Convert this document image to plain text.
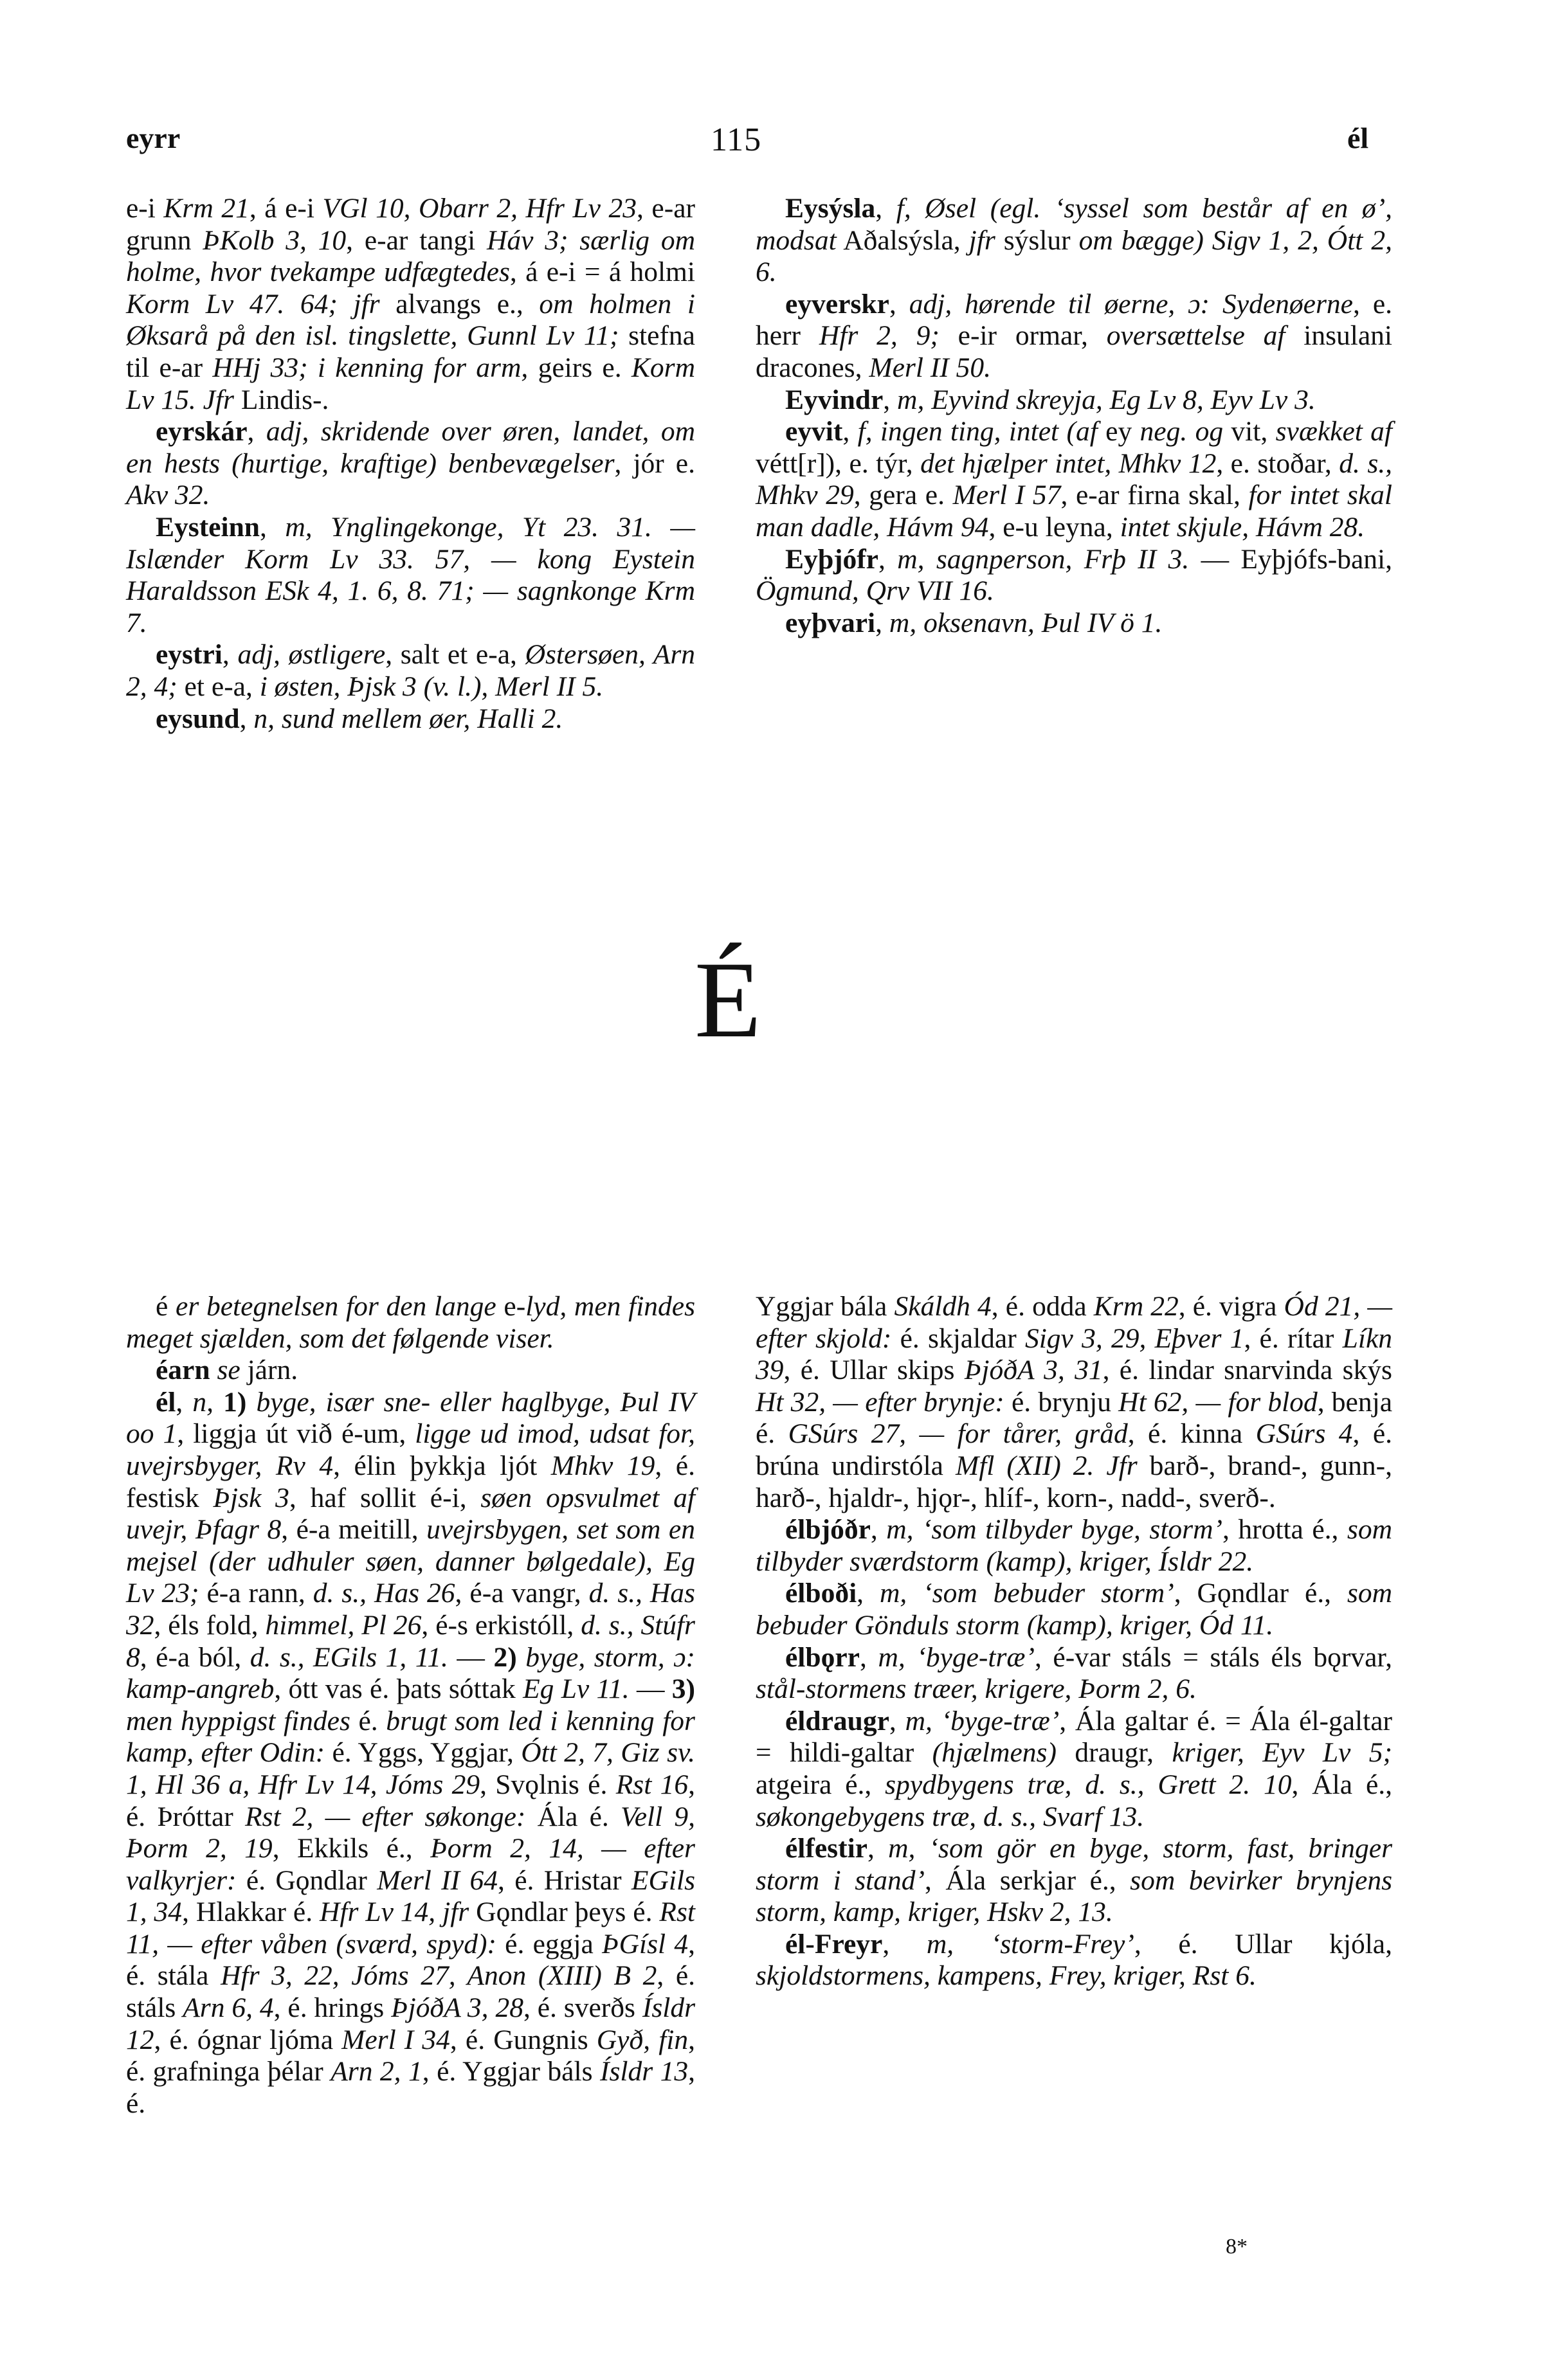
eyrr	115	él

e-i Krm 21, á e-i VGl 10, Obarr 2, Hfr Lv 23, e-ar grunn ÞKolb 3, 10, e-ar tangi Háv 3; særlig om holme, hvor tvekampe udfægtedes, á e-i = á holmi Korm Lv 47. 64; jfr alvangs e., om holmen i Øksarå på den isl. tingslette, Gunnl Lv 11; stefna til e-ar HHj 33; i kenning for arm, geirs e. Korm Lv 15. Jfr Lindis-.

eyrskár, adj, skridende over øren, landet, om en hests (hurtige, kraftige) benbevægelser, jór e. Akv 32.

Eysteinn, m, Ynglingekonge, Yt 23. 31. — Islænder Korm Lv 33. 57, — kong Eystein Haraldsson ESk 4, 1. 6, 8. 71; — sagnkonge Krm 7.

eystri, adj, østligere, salt et e-a, Østersøen, Arn 2, 4; et e-a, i østen, Þjsk 3 (v. l.), Merl II 5.

eysund, n, sund mellem øer, Halli 2.

Eysýsla, f, Øsel (egl. ‘syssel som består af en ø’, modsat Aðalsýsla, jfr sýslur om bægge) Sigv 1, 2, Ótt 2, 6.

eyverskr, adj, hørende til øerne, ɔ: Sydenøerne, e. herr Hfr 2, 9; e-ir ormar, oversættelse af insulani dracones, Merl II 50.

Eyvindr, m, Eyvind skreyja, Eg Lv 8, Eyv Lv 3.

eyvit, f, ingen ting, intet (af ey neg. og vit, svækket af vétt[r]), e. týr, det hjælper intet, Mhkv 12, e. stoðar, d. s., Mhkv 29, gera e. Merl I 57, e-ar firna skal, for intet skal man dadle, Hávm 94, e-u leyna, intet skjule, Hávm 28.

Eyþjófr, m, sagnperson, Frþ II 3. — Eyþjófs-bani, Ögmund, Qrv VII 16.

eyþvari, m, oksenavn, Þul IV ö 1.

É

é er betegnelsen for den lange e-lyd, men findes meget sjælden, som det følgende viser.

éarn se járn.

él, n, 1) byge, især sne- eller haglbyge, Þul IV oo 1, liggja út við é-um, ligge ud imod, udsat for, uvejrsbyger, Rv 4, élin þykkja ljót Mhkv 19, é. festisk Þjsk 3, haf sollit é-i, søen opsvulmet af uvejr, Þfagr 8, é-a meitill, uvejrsbygen, set som en mejsel (der udhuler søen, danner bølgedale), Eg Lv 23; é-a rann, d. s., Has 26, é-a vangr, d. s., Has 32, éls fold, himmel, Pl 26, é-s erkistóll, d. s., Stúfr 8, é-a ból, d. s., EGils 1, 11. — 2) byge, storm, ɔ: kamp-angreb, ótt vas é. þats sóttak Eg Lv 11. — 3) men hyppigst findes é. brugt som led i kenning for kamp, efter Odin: é. Yggs, Yggjar, Ótt 2, 7, Giz sv. 1, Hl 36 a, Hfr Lv 14, Jóms 29, Svǫlnis é. Rst 16, é. Þróttar Rst 2, — efter søkonge: Ála é. Vell 9, Þorm 2, 19, Ekkils é., Þorm 2, 14, — efter valkyrjer: é. Gǫndlar Merl II 64, é. Hristar EGils 1, 34, Hlakkar é. Hfr Lv 14, jfr Gǫndlar þeys é. Rst 11, — efter våben (sværd, spyd): é. eggja ÞGísl 4, é. stála Hfr 3, 22, Jóms 27, Anon (XIII) B 2, é. stáls Arn 6, 4, é. hrings ÞjóðA 3, 28, é. sverðs Ísldr 12, é. ógnar ljóma Merl I 34, é. Gungnis Gyð, fin, é. grafninga þélar Arn 2, 1, é. Yggjar báls Ísldr 13, é.

Yggjar bála Skáldh 4, é. odda Krm 22, é. vigra Ód 21, — efter skjold: é. skjaldar Sigv 3, 29, Eþver 1, é. rítar Líkn 39, é. Ullar skips ÞjóðA 3, 31, é. lindar snarvinda skýs Ht 32, — efter brynje: é. brynju Ht 62, — for blod, benja é. GSúrs 27, — for tårer, gråd, é. kinna GSúrs 4, é. brúna undirstóla Mfl (XII) 2. Jfr barð-, brand-, gunn-, harð-, hjaldr-, hjǫr-, hlíf-, korn-, nadd-, sverð-.

élbjóðr, m, ‘som tilbyder byge, storm’, hrotta é., som tilbyder sværdstorm (kamp), kriger, Ísldr 22.

élboði, m, ‘som bebuder storm’, Gǫndlar é., som bebuder Gönduls storm (kamp), kriger, Ód 11.

élbǫrr, m, ‘byge-træ’, é-var stáls = stáls éls bǫrvar, stål-stormens træer, krigere, Þorm 2, 6.

éldraugr, m, ‘byge-træ’, Ála galtar é. = Ála él-galtar = hildi-galtar (hjælmens) draugr, kriger, Eyv Lv 5; atgeira é., spydbygens træ, d. s., Grett 2. 10, Ála é., søkongebygens træ, d. s., Svarf 13.

élfestir, m, ‘som gör en byge, storm, fast, bringer storm i stand’, Ála serkjar é., som bevirker brynjens storm, kamp, kriger, Hskv 2, 13.

él-Freyr, m, ‘storm-Frey’, é. Ullar kjóla, skjoldstormens, kampens, Frey, kriger, Rst 6.

8*
